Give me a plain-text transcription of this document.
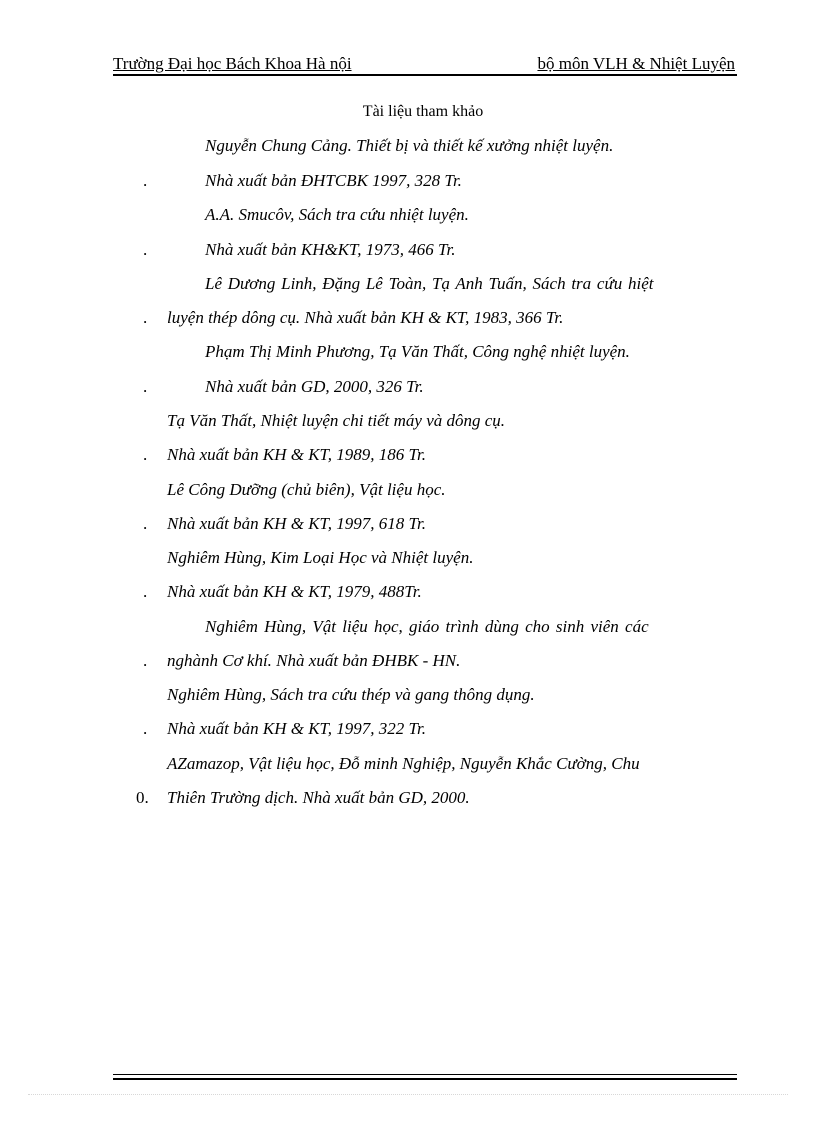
Trường Đại học Bách Khoa Hà nội	bộ môn VLH & Nhiệt Luyện
Tài liệu tham khảo
Nguyễn Chung Cảng. Thiết bị và thiết kế xưởng nhiệt luyện.
.	Nhà xuất bản ĐHTCBK 1997, 328 Tr.
A.A. Smucôv, Sách tra cứu nhiệt luyện.
.	Nhà xuất bản KH&KT, 1973, 466 Tr.
Lê Dương Linh, Đặng Lê Toàn, Tạ Anh Tuấn, Sách tra cứu hiệt
. luyện thép dông cụ. Nhà xuất bản KH & KT, 1983, 366 Tr.
Phạm Thị Minh Phương, Tạ Văn Thất, Công nghệ nhiệt luyện.
.	Nhà xuất bản GD, 2000, 326 Tr.
Tạ Văn Thất, Nhiệt luyện chi tiết máy và dông cụ.
. Nhà xuất bản KH & KT, 1989, 186 Tr.
Lê Công Dưỡng (chủ biên), Vật liệu học.
. Nhà xuất bản KH & KT, 1997, 618 Tr.
Nghiêm Hùng, Kim Loại Học và Nhiệt luyện.
. Nhà xuất bản KH & KT, 1979, 488Tr.
Nghiêm Hùng, Vật liệu học, giáo trình dùng cho sinh viên các
. nghành Cơ khí. Nhà xuất bản ĐHBK - HN.
Nghiêm Hùng, Sách tra cứu thép và gang thông dụng.
. Nhà xuất bản KH & KT, 1997, 322 Tr.
AZamazop, Vật liệu học, Đỗ minh Nghiệp, Nguyễn Khắc Cường, Chu
0. Thiên Trường dịch. Nhà xuất bản GD, 2000.
